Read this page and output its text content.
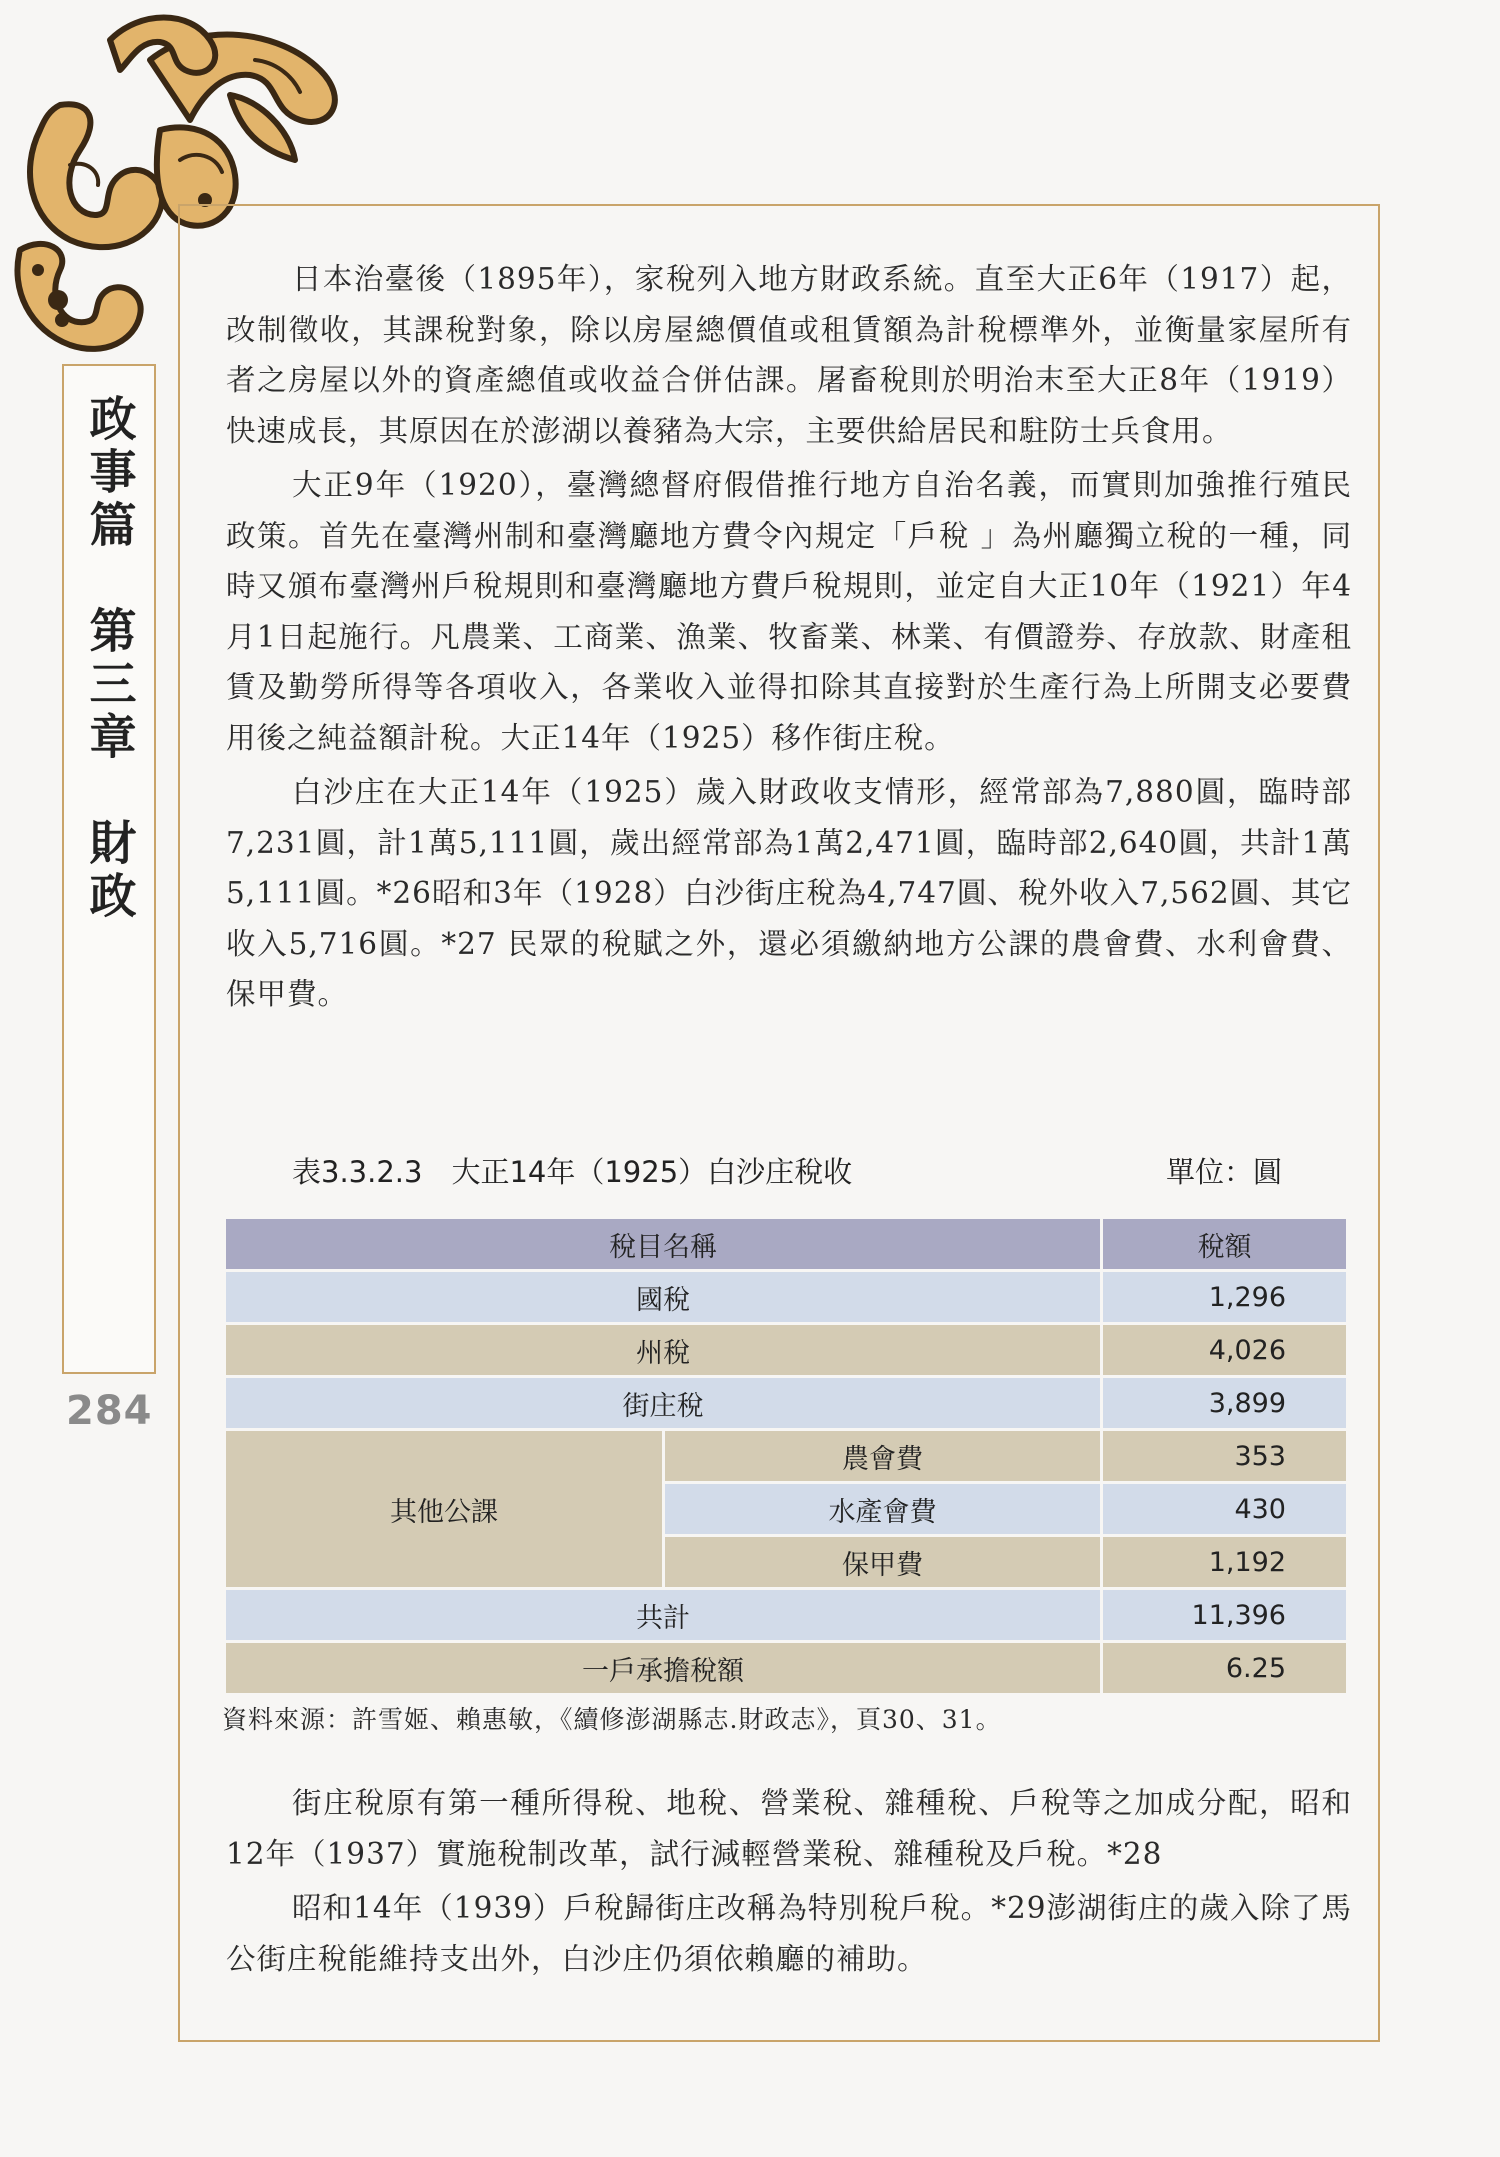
政事篇　第三章　財政
284

日本治臺後（1895年），家稅列入地方財政系統。直至大正6年（1917）起，改制徵收，其課稅對象，除以房屋總價值或租賃額為計稅標準外，並衡量家屋所有者之房屋以外的資產總值或收益合併估課。屠畜稅則於明治末至大正8年（1919）快速成長，其原因在於澎湖以養豬為大宗，主要供給居民和駐防士兵食用。

大正9年（1920），臺灣總督府假借推行地方自治名義，而實則加強推行殖民政策。首先在臺灣州制和臺灣廳地方費令內規定「戶稅 」為州廳獨立稅的一種，同時又頒布臺灣州戶稅規則和臺灣廳地方費戶稅規則，並定自大正10年（1921）年4月1日起施行。凡農業、工商業、漁業、牧畜業、林業、有價證券、存放款、財產租賃及勤勞所得等各項收入，各業收入並得扣除其直接對於生產行為上所開支必要費用後之純益額計稅。大正14年（1925）移作街庄稅。

白沙庄在大正14年（1925）歲入財政收支情形，經常部為7,880圓，臨時部7,231圓，計1萬5,111圓，歲出經常部為1萬2,471圓，臨時部2,640圓，共計1萬5,111圓。*26昭和3年（1928）白沙街庄稅為4,747圓、稅外收入7,562圓、其它收入5,716圓。*27 民眾的稅賦之外，還必須繳納地方公課的農會費、水利會費、保甲費。

表3.3.2.3　大正14年（1925）白沙庄稅收	單位：圓
稅目名稱		稅額
國稅		1,296
州稅		4,026
街庄稅		3,899
其他公課	農會費	353
	水產會費	430
	保甲費	1,192
共計		11,396
一戶承擔稅額		6.25
資料來源：許雪姬、賴惠敏，《續修澎湖縣志.財政志》，頁30、31。

街庄稅原有第一種所得稅、地稅、營業稅、雜種稅、戶稅等之加成分配，昭和12年（1937）實施稅制改革，試行減輕營業稅、雜種稅及戶稅。*28

昭和14年（1939）戶稅歸街庄改稱為特別稅戶稅。*29澎湖街庄的歲入除了馬公街庄稅能維持支出外，白沙庄仍須依賴廳的補助。
